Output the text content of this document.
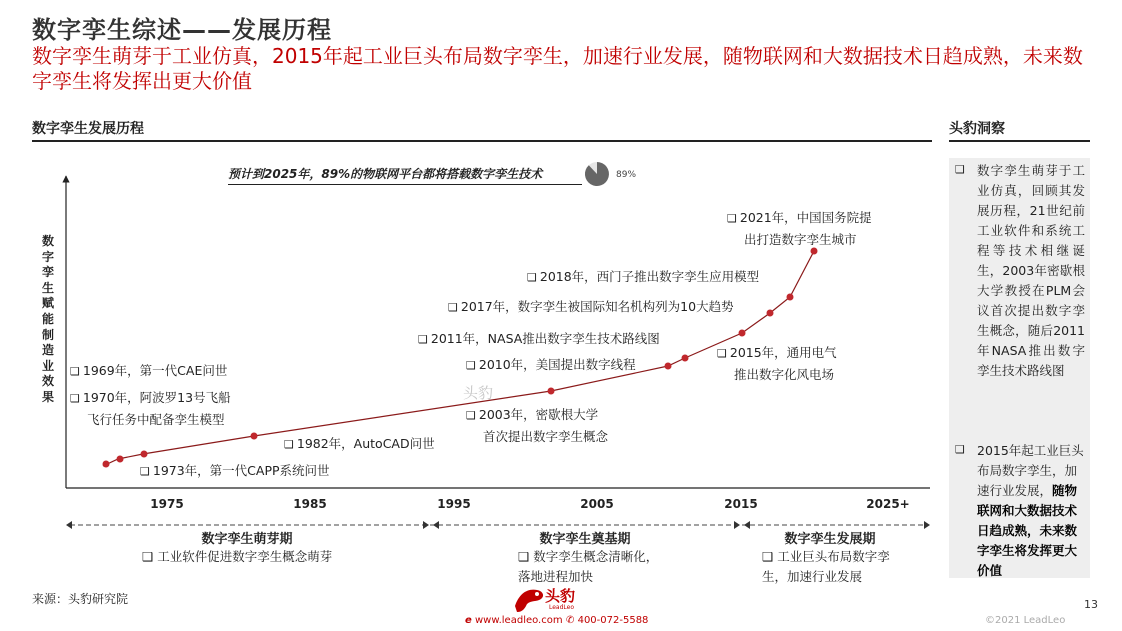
数字孪生综述——发展历程
数字孪生萌芽于工业仿真，2015年起工业巨头布局数字孪生，加速行业发展，随物联网和大数据技术日趋成熟，未来数字孪生将发挥出更大价值
数字孪生发展历程	头豹洞察
数字孪生赋能制造业效果
预计到2025年，89%的物联网平台都将搭载数字孪生技术	89%
❑ 1969年，第一代CAE问世
❑ 1970年，阿波罗13号飞船
飞行任务中配备孪生模型
❑ 1973年，第一代CAPP系统问世
❑ 1982年，AutoCAD问世
❑ 2003年，密歇根大学
首次提出数字孪生概念
❑ 2010年，美国提出数字线程
❑ 2011年，NASA推出数字孪生技术路线图
❑ 2015年，通用电气
推出数字化风电场
❑ 2017年，数字孪生被国际知名机构列为10大趋势
❑ 2018年，西门子推出数字孪生应用模型
❑ 2021年，中国国务院提
出打造数字孪生城市
1975	1985	1995	2005	2015	2025+
数字孪生萌芽期
❑ 工业软件促进数字孪生概念萌芽
数字孪生奠基期
❑ 数字孪生概念清晰化，落地进程加快
数字孪生发展期
❑ 工业巨头布局数字孪生，加速行业发展
头豹
❑ 数字孪生萌芽于工业仿真，回顾其发展历程，21世纪前工业软件和系统工程等技术相继诞生，2003年密歇根大学教授在PLM会议首次提出数字孪生概念，随后2011年NASA推出数字孪生技术路线图
❑ 2015年起工业巨头布局数字孪生，加速行业发展，随物联网和大数据技术日趋成熟，未来数字孪生将发挥更大价值
来源：头豹研究院	头豹
LeadLeo
e www.leadleo.com ✆ 400-072-5588
13
©2021 LeadLeo
